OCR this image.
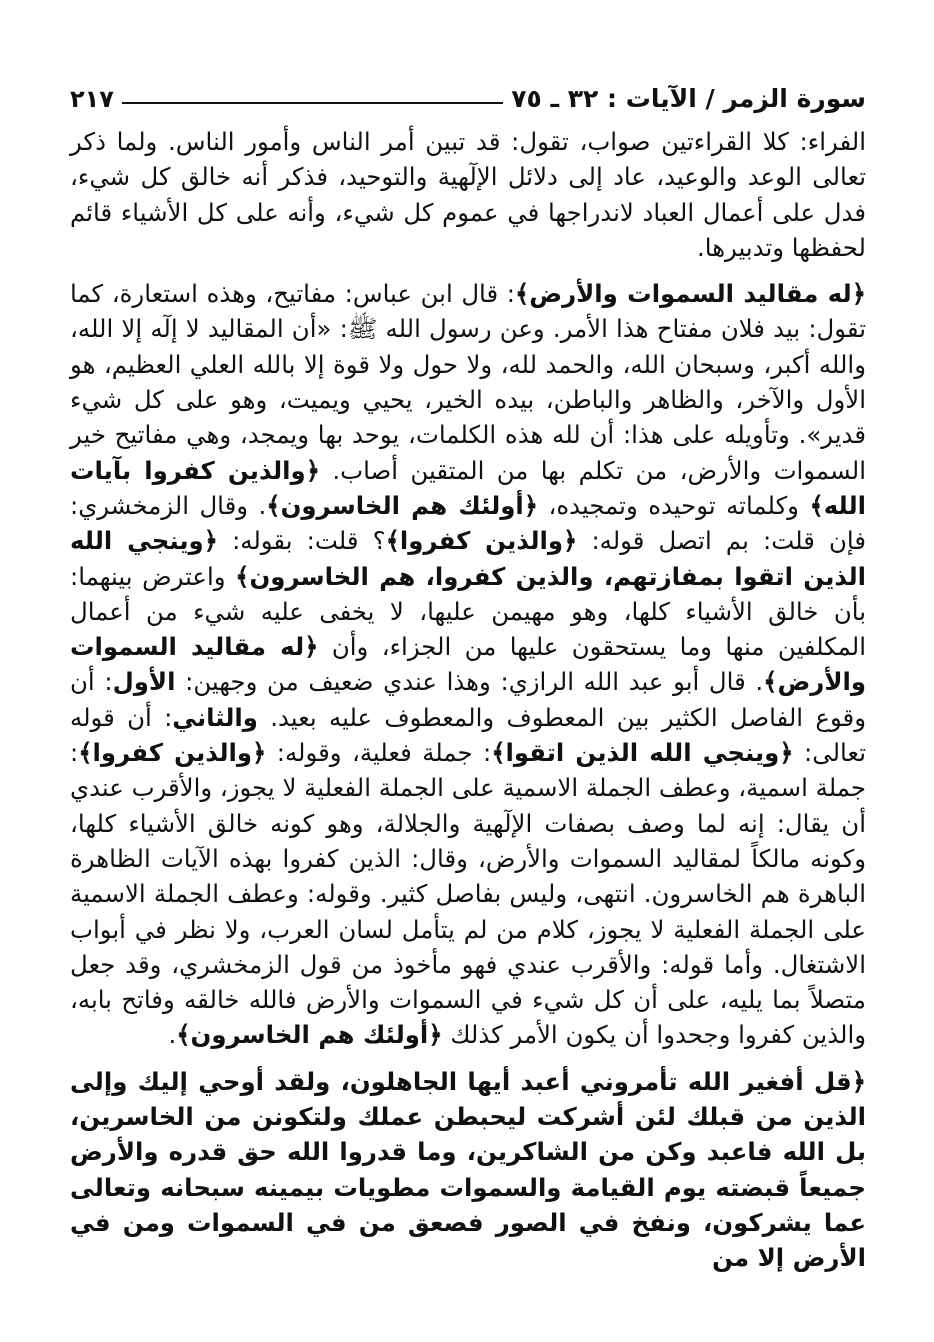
سورة الزمر / الآيات : ٣٢ ـ ٧٥
٢١٧

الفراء: كلا القراءتين صواب، تقول: قد تبين أمر الناس وأمور الناس. ولما ذكر تعالى الوعد والوعيد، عاد إلى دلائل الإلٓهية والتوحيد، فذكر أنه خالق كل شيء، فدل على أعمال العباد لاندراجها في عموم كل شيء، وأنه على كل الأشياء قائم لحفظها وتدبيرها.

﴿له مقاليد السموات والأرض﴾: قال ابن عباس: مفاتيح، وهذه استعارة، كما تقول: بيد فلان مفتاح هذا الأمر. وعن رسول الله ﷺ: «أن المقاليد لا إلٓه إلا الله، والله أكبر، وسبحان الله، والحمد لله، ولا حول ولا قوة إلا بالله العلي العظيم، هو الأول والآخر، والظاهر والباطن، بيده الخير، يحيي ويميت، وهو على كل شيء قدير». وتأويله على هذا: أن لله هذه الكلمات، يوحد بها ويمجد، وهي مفاتيح خير السموات والأرض، من تكلم بها من المتقين أصاب. ﴿والذين كفروا بآيات الله﴾ وكلماته توحيده وتمجيده، ﴿أولئك هم الخاسرون﴾. وقال الزمخشري: فإن قلت: بم اتصل قوله: ﴿والذين كفروا﴾؟ قلت: بقوله: ﴿وينجي الله الذين اتقوا بمفازتهم، والذين كفروا، هم الخاسرون﴾ واعترض بينهما: بأن خالق الأشياء كلها، وهو مهيمن عليها، لا يخفى عليه شيء من أعمال المكلفين منها وما يستحقون عليها من الجزاء، وأن ﴿له مقاليد السموات والأرض﴾. قال أبو عبد الله الرازي: وهذا عندي ضعيف من وجهين: الأول: أن وقوع الفاصل الكثير بين المعطوف والمعطوف عليه بعيد. والثاني: أن قوله تعالى: ﴿وينجي الله الذين اتقوا﴾: جملة فعلية، وقوله: ﴿والذين كفروا﴾: جملة اسمية، وعطف الجملة الاسمية على الجملة الفعلية لا يجوز، والأقرب عندي أن يقال: إنه لما وصف بصفات الإلٓهية والجلالة، وهو كونه خالق الأشياء كلها، وكونه مالكاً لمقاليد السموات والأرض، وقال: الذين كفروا بهذه الآيات الظاهرة الباهرة هم الخاسرون. انتهى، وليس بفاصل كثير. وقوله: وعطف الجملة الاسمية على الجملة الفعلية لا يجوز، كلام من لم يتأمل لسان العرب، ولا نظر في أبواب الاشتغال. وأما قوله: والأقرب عندي فهو مأخوذ من قول الزمخشري، وقد جعل متصلاً بما يليه، على أن كل شيء في السموات والأرض فالله خالقه وفاتح بابه، والذين كفروا وجحدوا أن يكون الأمر كذلك ﴿أولئك هم الخاسرون﴾.

﴿قل أفغير الله تأمروني أعبد أيها الجاهلون، ولقد أوحي إليك وإلى الذين من قبلك لئن أشركت ليحبطن عملك ولتكونن من الخاسرين، بل الله فاعبد وكن من الشاكرين، وما قدروا الله حق قدره والأرض جميعاً قبضته يوم القيامة والسموات مطويات بيمينه سبحانه وتعالى عما يشركون، ونفخ في الصور فصعق من في السموات ومن في الأرض إلا من
